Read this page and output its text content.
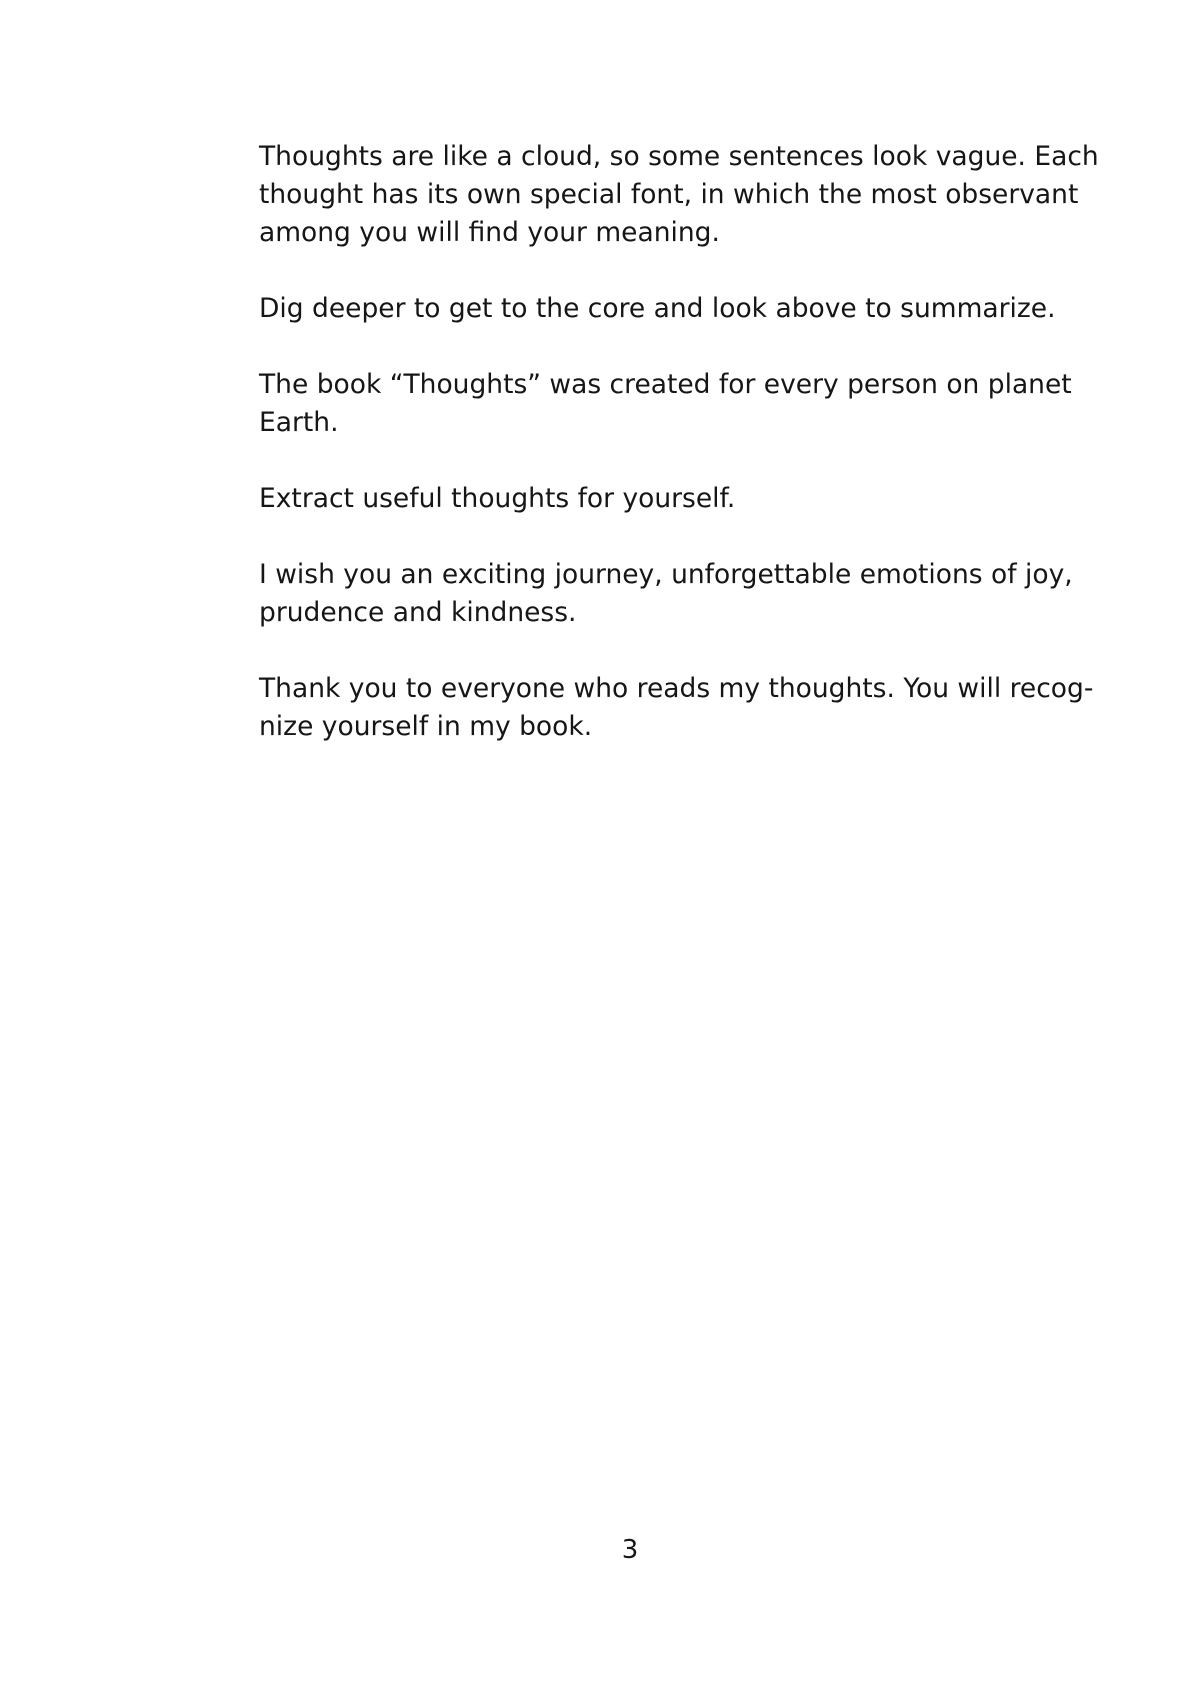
Thoughts are like a cloud, so some sentences look vague. Each
thought has its own special font, in which the most observant
among you will find your meaning.

Dig deeper to get to the core and look above to summarize.

The book “Thoughts” was created for every person on planet
Earth.

Extract useful thoughts for yourself.

I wish you an exciting journey, unforgettable emotions of joy,
prudence and kindness.

Thank you to everyone who reads my thoughts. You will recog-
nize yourself in my book.

3
